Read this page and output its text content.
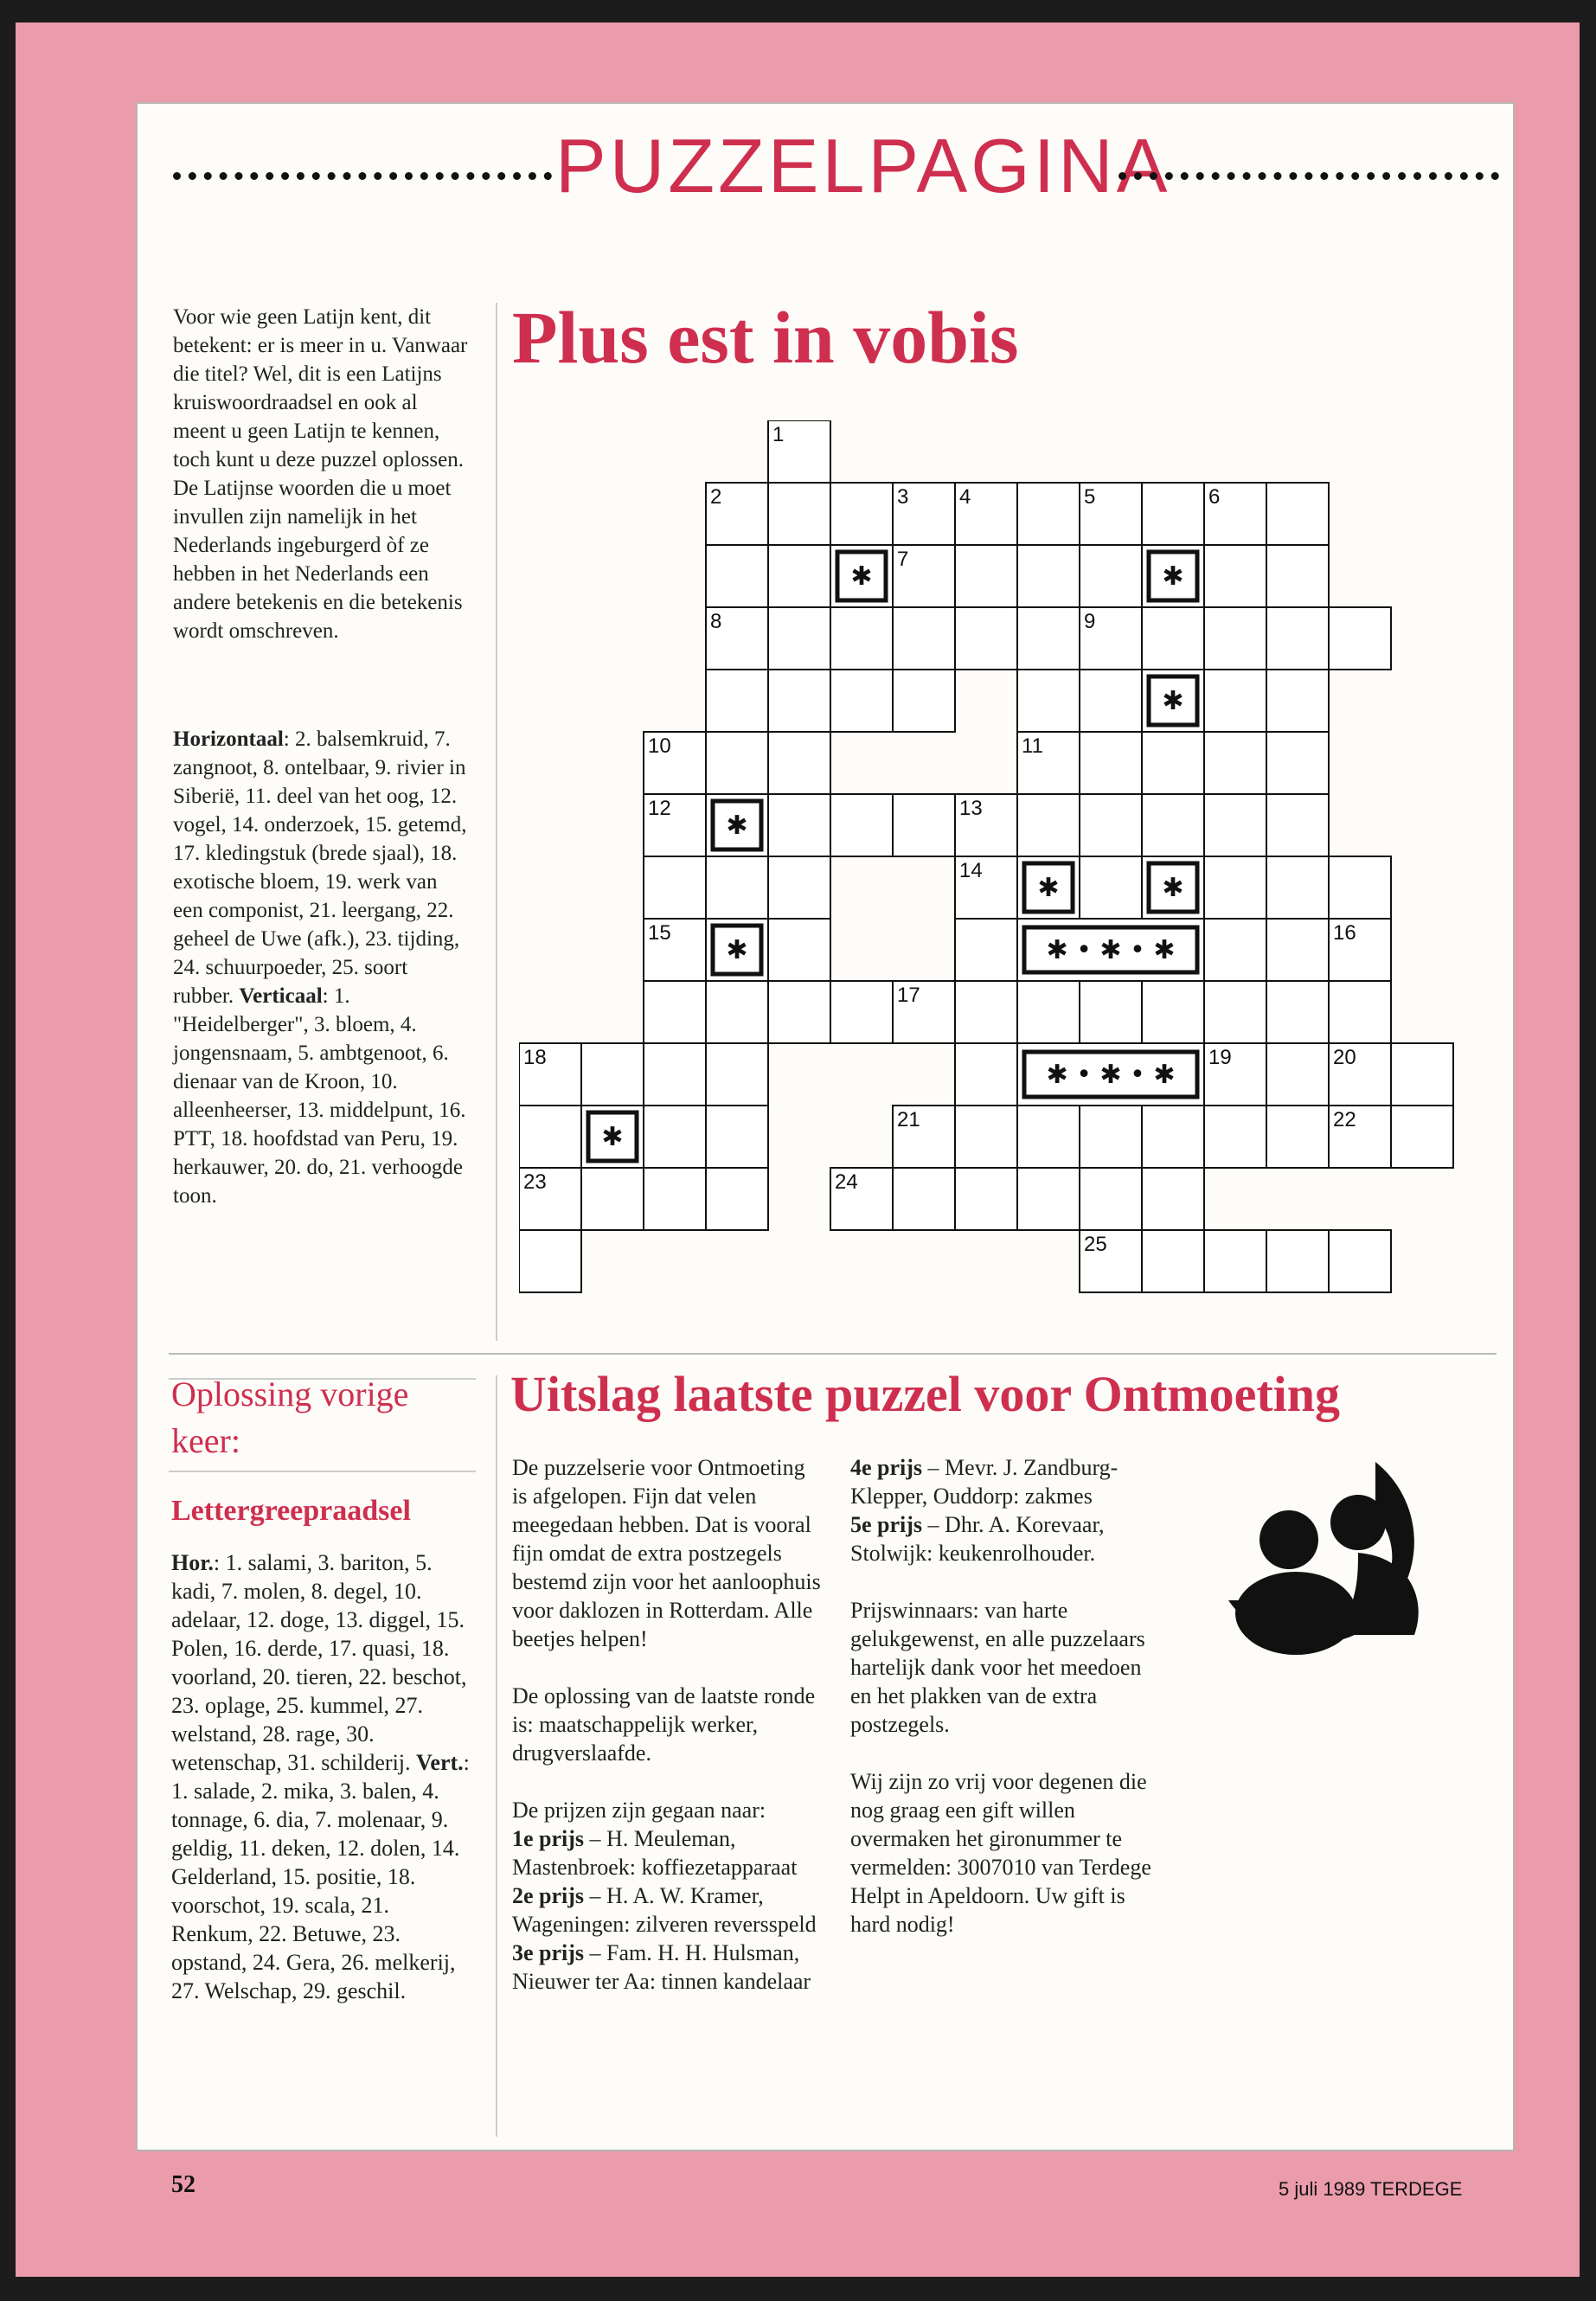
PUZZELPAGINA
Voor wie geen Latijn kent, dit betekent: er is meer in u. Vanwaar die titel? Wel, dit is een Latijns kruiswoordraadsel en ook al meent u geen Latijn te kennen, toch kunt u deze puzzel oplossen. De Latijnse woorden die u moet invullen zijn namelijk in het Nederlands ingeburgerd òf ze hebben in het Nederlands een andere betekenis en die betekenis wordt omschreven.
Horizontaal: 2. balsemkruid, 7. zangnoot, 8. ontelbaar, 9. rivier in Siberië, 11. deel van het oog, 12. vogel, 14. onderzoek, 15. getemd, 17. kledingstuk (brede sjaal), 18. exotische bloem, 19. werk van een componist, 21. leergang, 22. geheel de Uwe (afk.), 23. tijding, 24. schuurpoeder, 25. soort rubber. Verticaal: 1. "Heidelberger", 3. bloem, 4. jongensnaam, 5. ambtgenoot, 6. dienaar van de Kroon, 10. alleenheerser, 13. middelpunt, 16. PTT, 18. hoofdstad van Peru, 19. herkauwer, 20. do, 21. verhoogde toon.
Plus est in vobis
1
2	3 4	5	6
✱
7
✱
8	9
✱
10	11
12
✱
13
14
✱	✱
15
✱
16
17
18	19	20
✱
21	22
23	24
25
✱ • ✱ • ✱
✱ • ✱ • ✱
Oplossing vorige keer:
Lettergreepraadsel
Hor.: 1. salami, 3. bariton, 5. kadi, 7. molen, 8. degel, 10. adelaar, 12. doge, 13. diggel, 15. Polen, 16. derde, 17. quasi, 18. voorland, 20. tieren, 22. beschot, 23. oplage, 25. kummel, 27. welstand, 28. rage, 30. wetenschap, 31. schilderij. Vert.: 1. salade, 2. mika, 3. balen, 4. tonnage, 6. dia, 7. molenaar, 9. geldig, 11. deken, 12. dolen, 14. Gelderland, 15. positie, 18. voorschot, 19. scala, 21. Renkum, 22. Betuwe, 23. opstand, 24. Gera, 26. melkerij, 27. Welschap, 29. geschil.
Uitslag laatste puzzel voor Ontmoeting

De puzzelserie voor Ontmoeting is afgelopen. Fijn dat velen meegedaan hebben. Dat is vooral fijn omdat de extra postzegels bestemd zijn voor het aanloophuis voor daklozen in Rotterdam. Alle beetjes helpen!

De oplossing van de laatste ronde is: maatschappelijk werker, drugverslaafde.

De prijzen zijn gegaan naar:
1e prijs – H. Meuleman, Mastenbroek: koffiezetapparaat
2e prijs – H. A. W. Kramer, Wageningen: zilveren reversspeld
3e prijs – Fam. H. H. Hulsman, Nieuwer ter Aa: tinnen kandelaar
4e prijs – Mevr. J. Zandburg-Klepper, Ouddorp: zakmes

5e prijs – Dhr. A. Korevaar, Stolwijk: keukenrolhouder.

Prijswinnaars: van harte gelukgewenst, en alle puzzelaars hartelijk dank voor het meedoen en het plakken van de extra postzegels.

Wij zijn zo vrij voor degenen die nog graag een gift willen overmaken het gironummer te vermelden: 3007010 van Terdege Helpt in Apeldoorn. Uw gift is hard nodig!

52	5 juli 1989 TERDEGE
